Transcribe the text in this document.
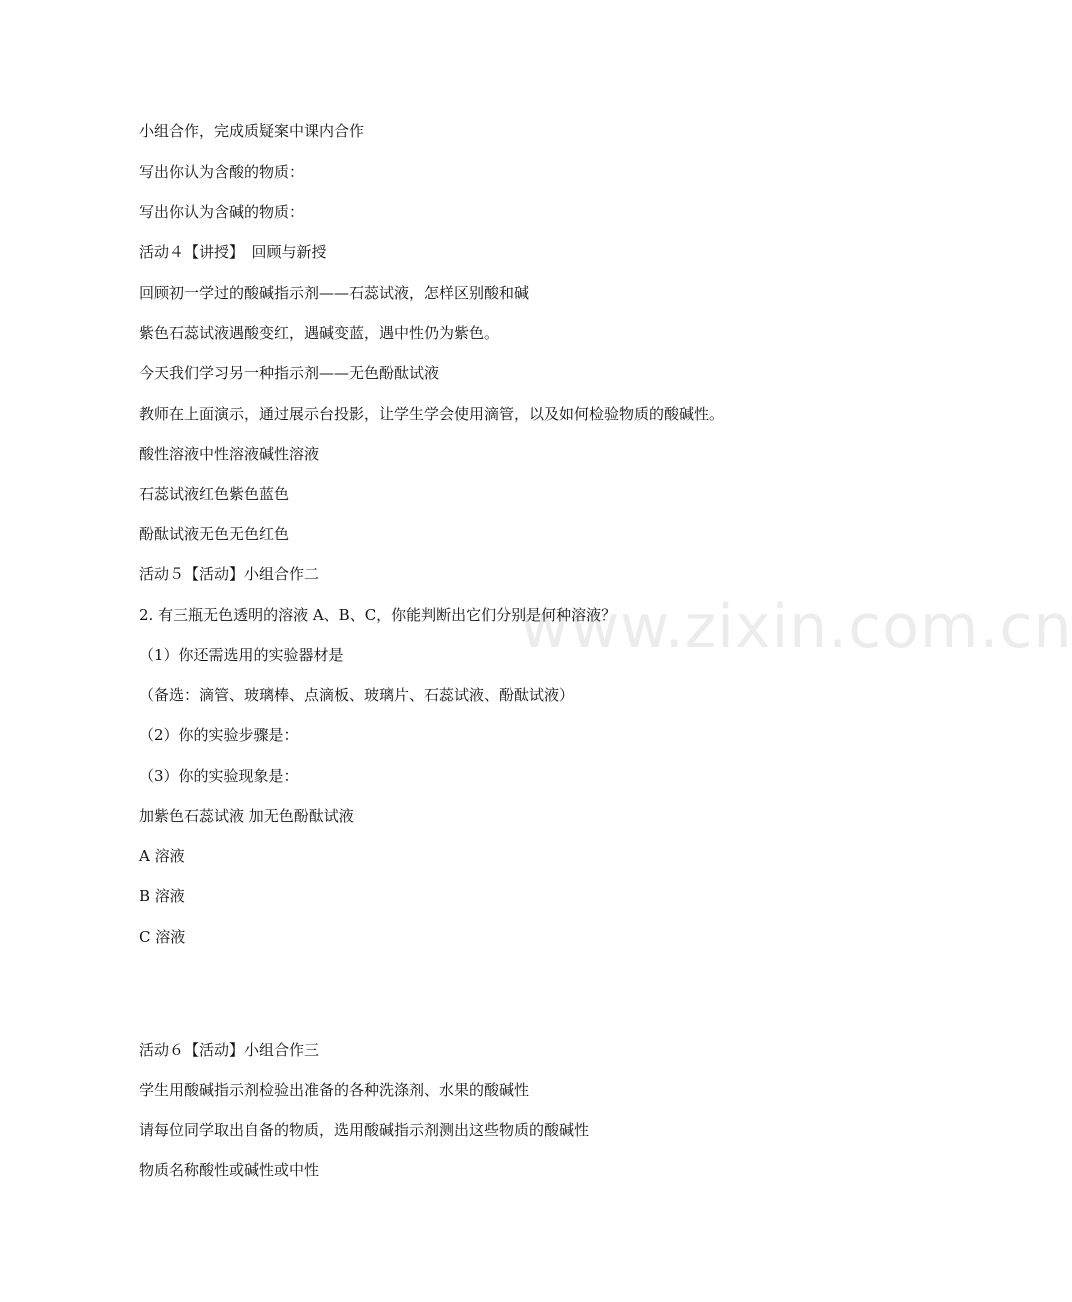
www.zixin.com.cn
小组合作，完成质疑案中课内合作
写出你认为含酸的物质：
写出你认为含碱的物质：
活动４【讲授】　回顾与新授
回顾初一学过的酸碱指示剂——石蕊试液，怎样区别酸和碱
紫色石蕊试液遇酸变红，遇碱变蓝，遇中性仍为紫色。
今天我们学习另一种指示剂——无色酚酞试液
教师在上面演示，通过展示台投影，让学生学会使用滴管，以及如何检验物质的酸碱性。
酸性溶液中性溶液碱性溶液
石蕊试液红色紫色蓝色
酚酞试液无色无色红色
活动５【活动】小组合作二
2. 有三瓶无色透明的溶液 A、B、C，你能判断出它们分别是何种溶液？
（1）你还需选用的实验器材是
（备选：滴管、玻璃棒、点滴板、玻璃片、石蕊试液、酚酞试液）
（2）你的实验步骤是：
（3）你的实验现象是：
加紫色石蕊试液 加无色酚酞试液
A 溶液
B 溶液
C 溶液
活动６【活动】小组合作三
学生用酸碱指示剂检验出准备的各种洗涤剂、水果的酸碱性
请每位同学取出自备的物质，选用酸碱指示剂测出这些物质的酸碱性
物质名称酸性或碱性或中性
